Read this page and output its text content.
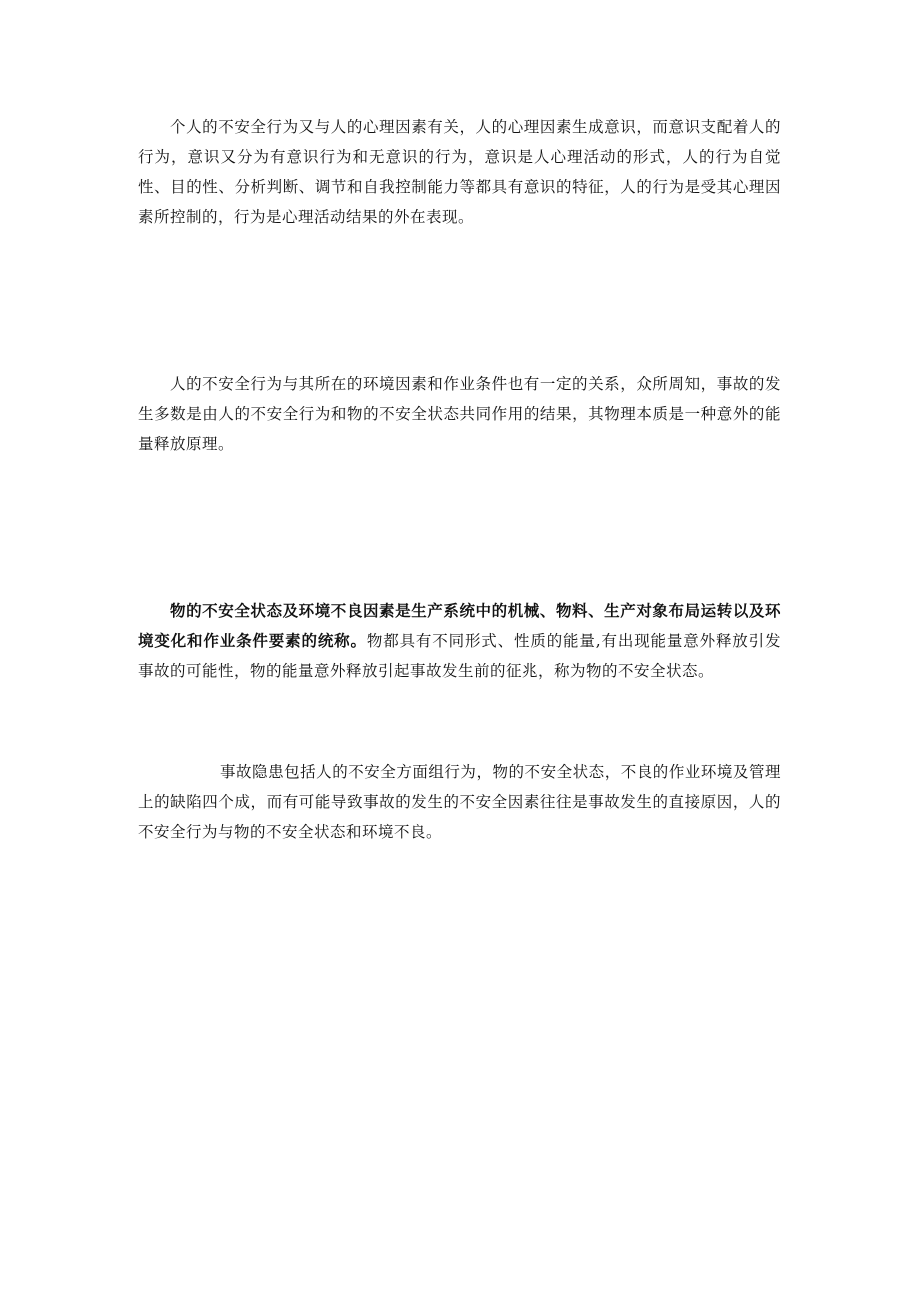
个人的不安全行为又与人的心理因素有关，人的心理因素生成意识，而意识支配着人的行为，意识又分为有意识行为和无意识的行为，意识是人心理活动的形式，人的行为自觉性、目的性、分析判断、调节和自我控制能力等都具有意识的特征，人的行为是受其心理因素所控制的，行为是心理活动结果的外在表现。

人的不安全行为与其所在的环境因素和作业条件也有一定的关系，众所周知，事故的发生多数是由人的不安全行为和物的不安全状态共同作用的结果，其物理本质是一种意外的能量释放原理。

物的不安全状态及环境不良因素是生产系统中的机械、物料、生产对象布局运转以及环境变化和作业条件要素的统称。物都具有不同形式、性质的能量,有出现能量意外释放引发事故的可能性，物的能量意外释放引起事故发生前的征兆，称为物的不安全状态。

事故隐患包括人的不安全方面组行为，物的不安全状态，不良的作业环境及管理上的缺陷四个成，而有可能导致事故的发生的不安全因素往往是事故发生的直接原因，人的不安全行为与物的不安全状态和环境不良。
